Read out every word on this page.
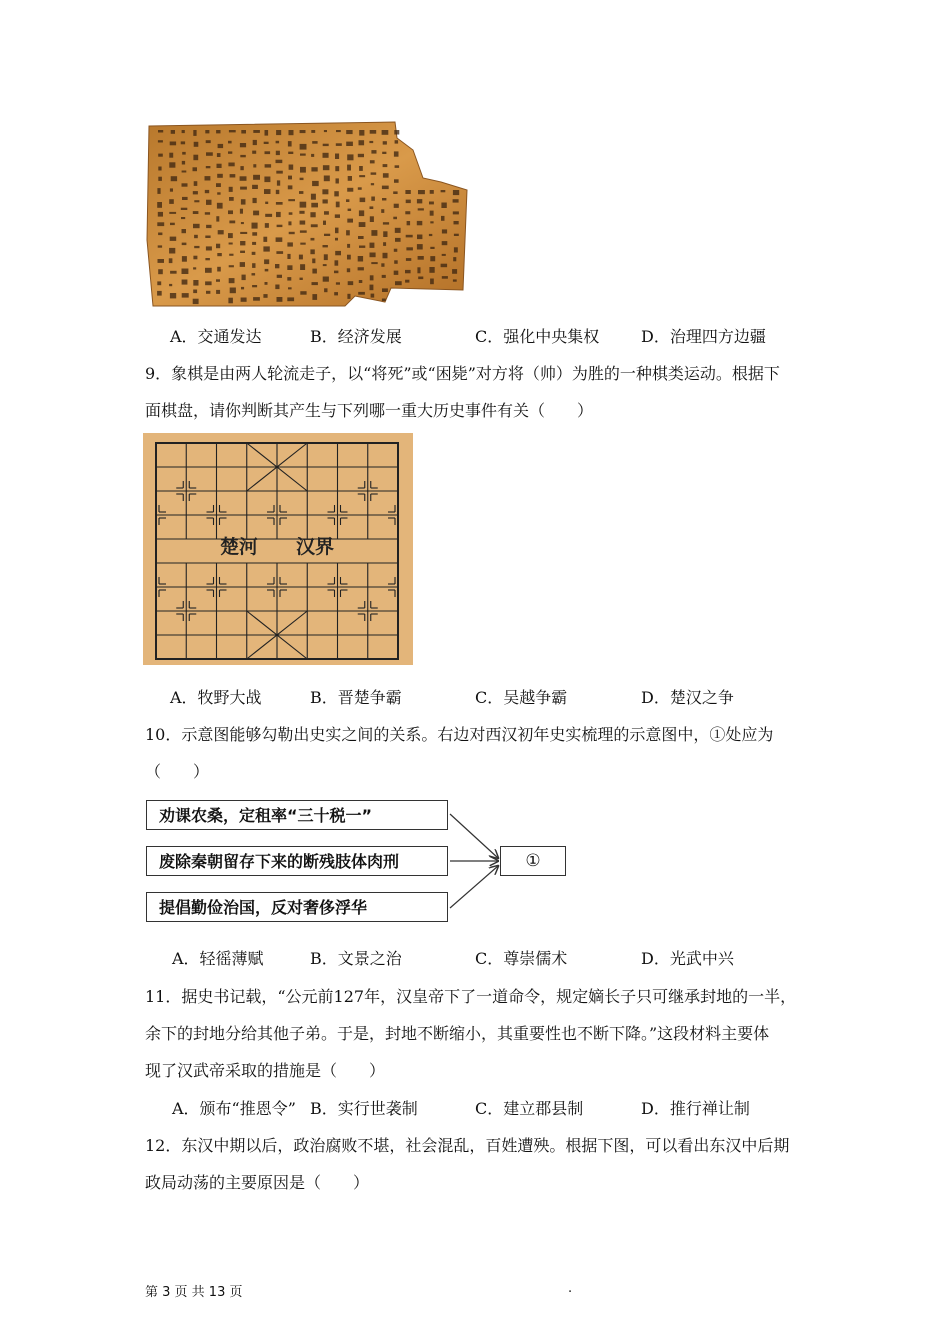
A．交通发达	B．经济发展	C．强化中央集权	D．治理四方边疆
9．象棋是由两人轮流走子，以“将死”或“困毙”对方将（帅）为胜的一种棋类运动。根据下
面棋盘，请你判断其产生与下列哪一重大历史事件有关（　　）
楚河　　汉界
A．牧野大战	B．晋楚争霸	C．吴越争霸	D．楚汉之争
10．示意图能够勾勒出史实之间的关系。右边对西汉初年史实梳理的示意图中，①处应为
（　　）
劝课农桑，定租率“三十税一”
废除秦朝留存下来的断残肢体肉刑
提倡勤俭治国，反对奢侈浮华
①
A．轻徭薄赋	B．文景之治	C．尊崇儒术	D．光武中兴
11．据史书记载，“公元前127年，汉皇帝下了一道命令，规定嫡长子只可继承封地的一半，
余下的封地分给其他子弟。于是，封地不断缩小，其重要性也不断下降。”这段材料主要体
现了汉武帝采取的措施是（　　）
A．颁布“推恩令” B．实行世袭制	C．建立郡县制	D．推行禅让制
12．东汉中期以后，政治腐败不堪，社会混乱，百姓遭殃。根据下图，可以看出东汉中后期
政局动荡的主要原因是（　　）
第 3 页 共 13 页	.
